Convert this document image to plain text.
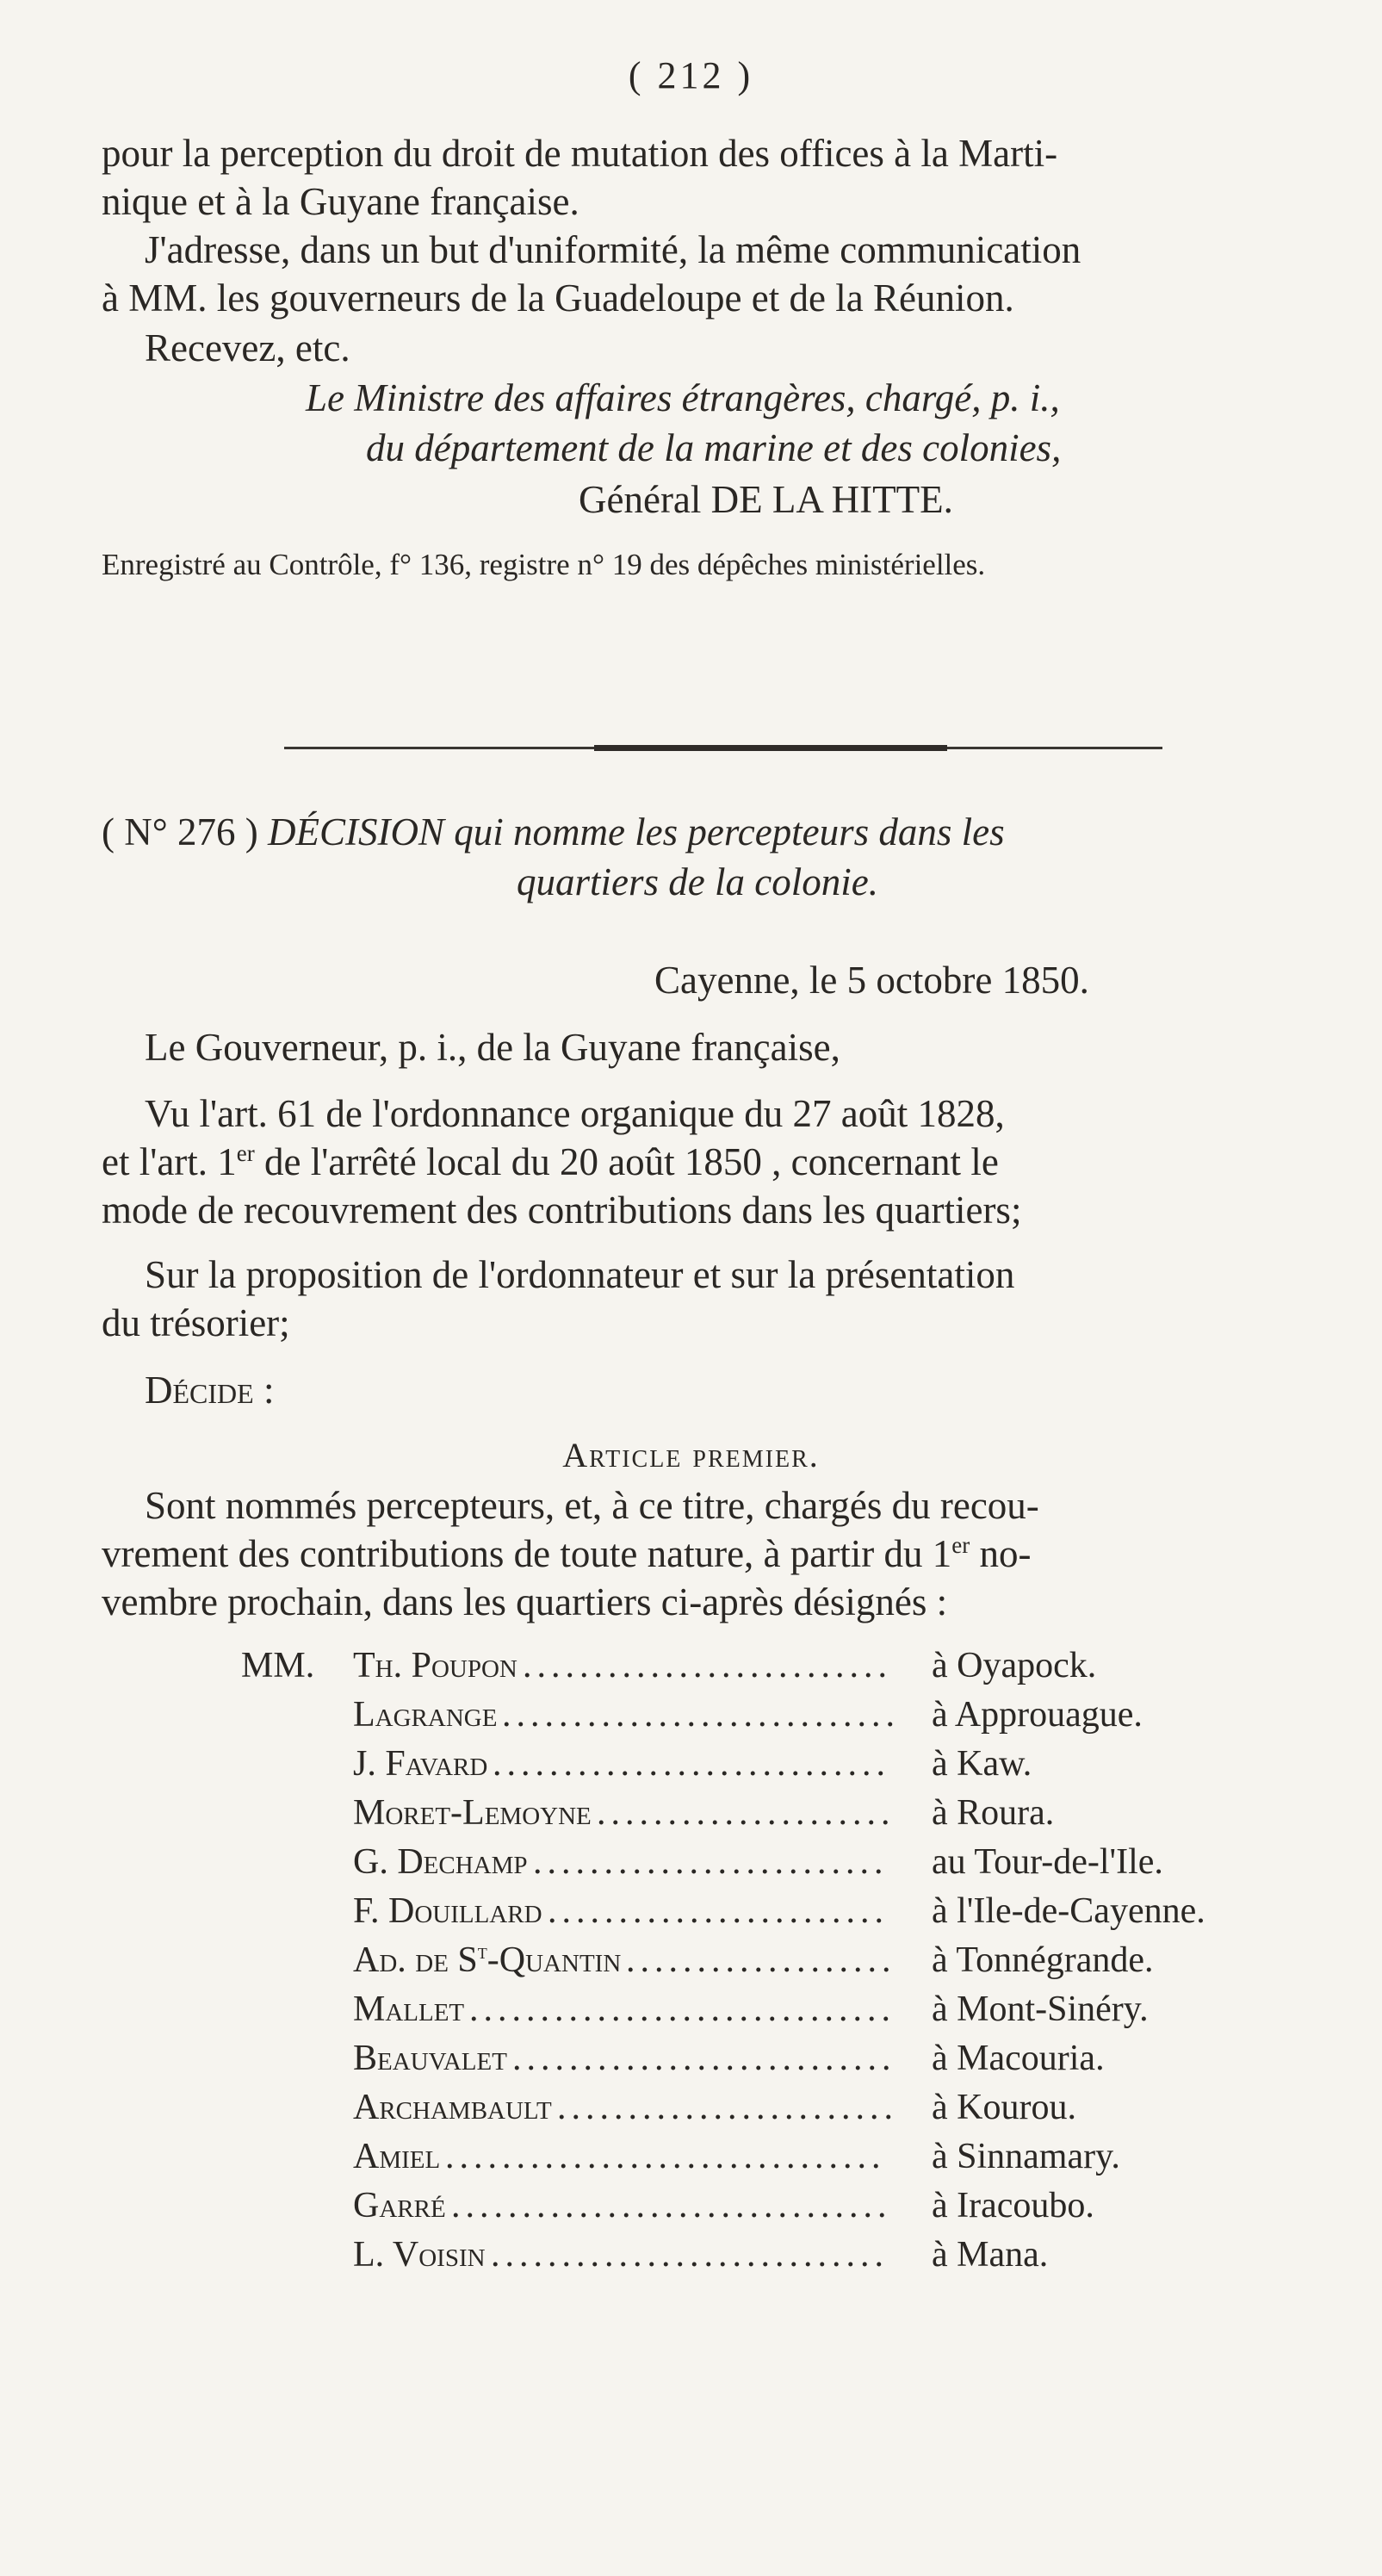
( 212 )
pour la perception du droit de mutation des offices à la Marti-
nique et à la Guyane française.
J'adresse, dans un but d'uniformité, la même communication
à MM. les gouverneurs de la Guadeloupe et de la Réunion.
Recevez, etc.
Le Ministre des affaires étrangères, chargé, p. i.,
du département de la marine et des colonies,
Général DE LA HITTE.
Enregistré au Contrôle, f° 136, registre n° 19 des dépêches ministérielles.
( N° 276 ) DÉCISION qui nomme les percepteurs dans les
quartiers de la colonie.
Cayenne, le 5 octobre 1850.
Le Gouverneur, p. i., de la Guyane française,
Vu l'art. 61 de l'ordonnance organique du 27 août 1828,
et l'art. 1er de l'arrêté local du 20 août 1850 , concernant le
mode de recouvrement des contributions dans les quartiers;
Sur la proposition de l'ordonnateur et sur la présentation
du trésorier;
Décide :
Article premier.
Sont nommés percepteurs, et, à ce titre, chargés du recou-
vrement des contributions de toute nature, à partir du 1er no-
vembre prochain, dans les quartiers ci-après désignés :
MM. Th. Poupon .......................... à Oyapock.
Lagrange ............................ à Approuague.
J. Favard ............................ à Kaw.
Moret-Lemoyne ..................... à Roura.
G. Dechamp ......................... au Tour-de-l'Ile.
F. Douillard ........................ à l'Ile-de-Cayenne.
Ad. de $S^t$-Quantin ................... à Tonnégrande.
Mallet .............................. à Mont-Sinéry.
Beauvalet ........................... à Macouria.
Archambault ........................ à Kourou.
Amiel ............................... à Sinnamary.
Garré ............................... à Iracoubo.
L. Voisin ............................ à Mana.
